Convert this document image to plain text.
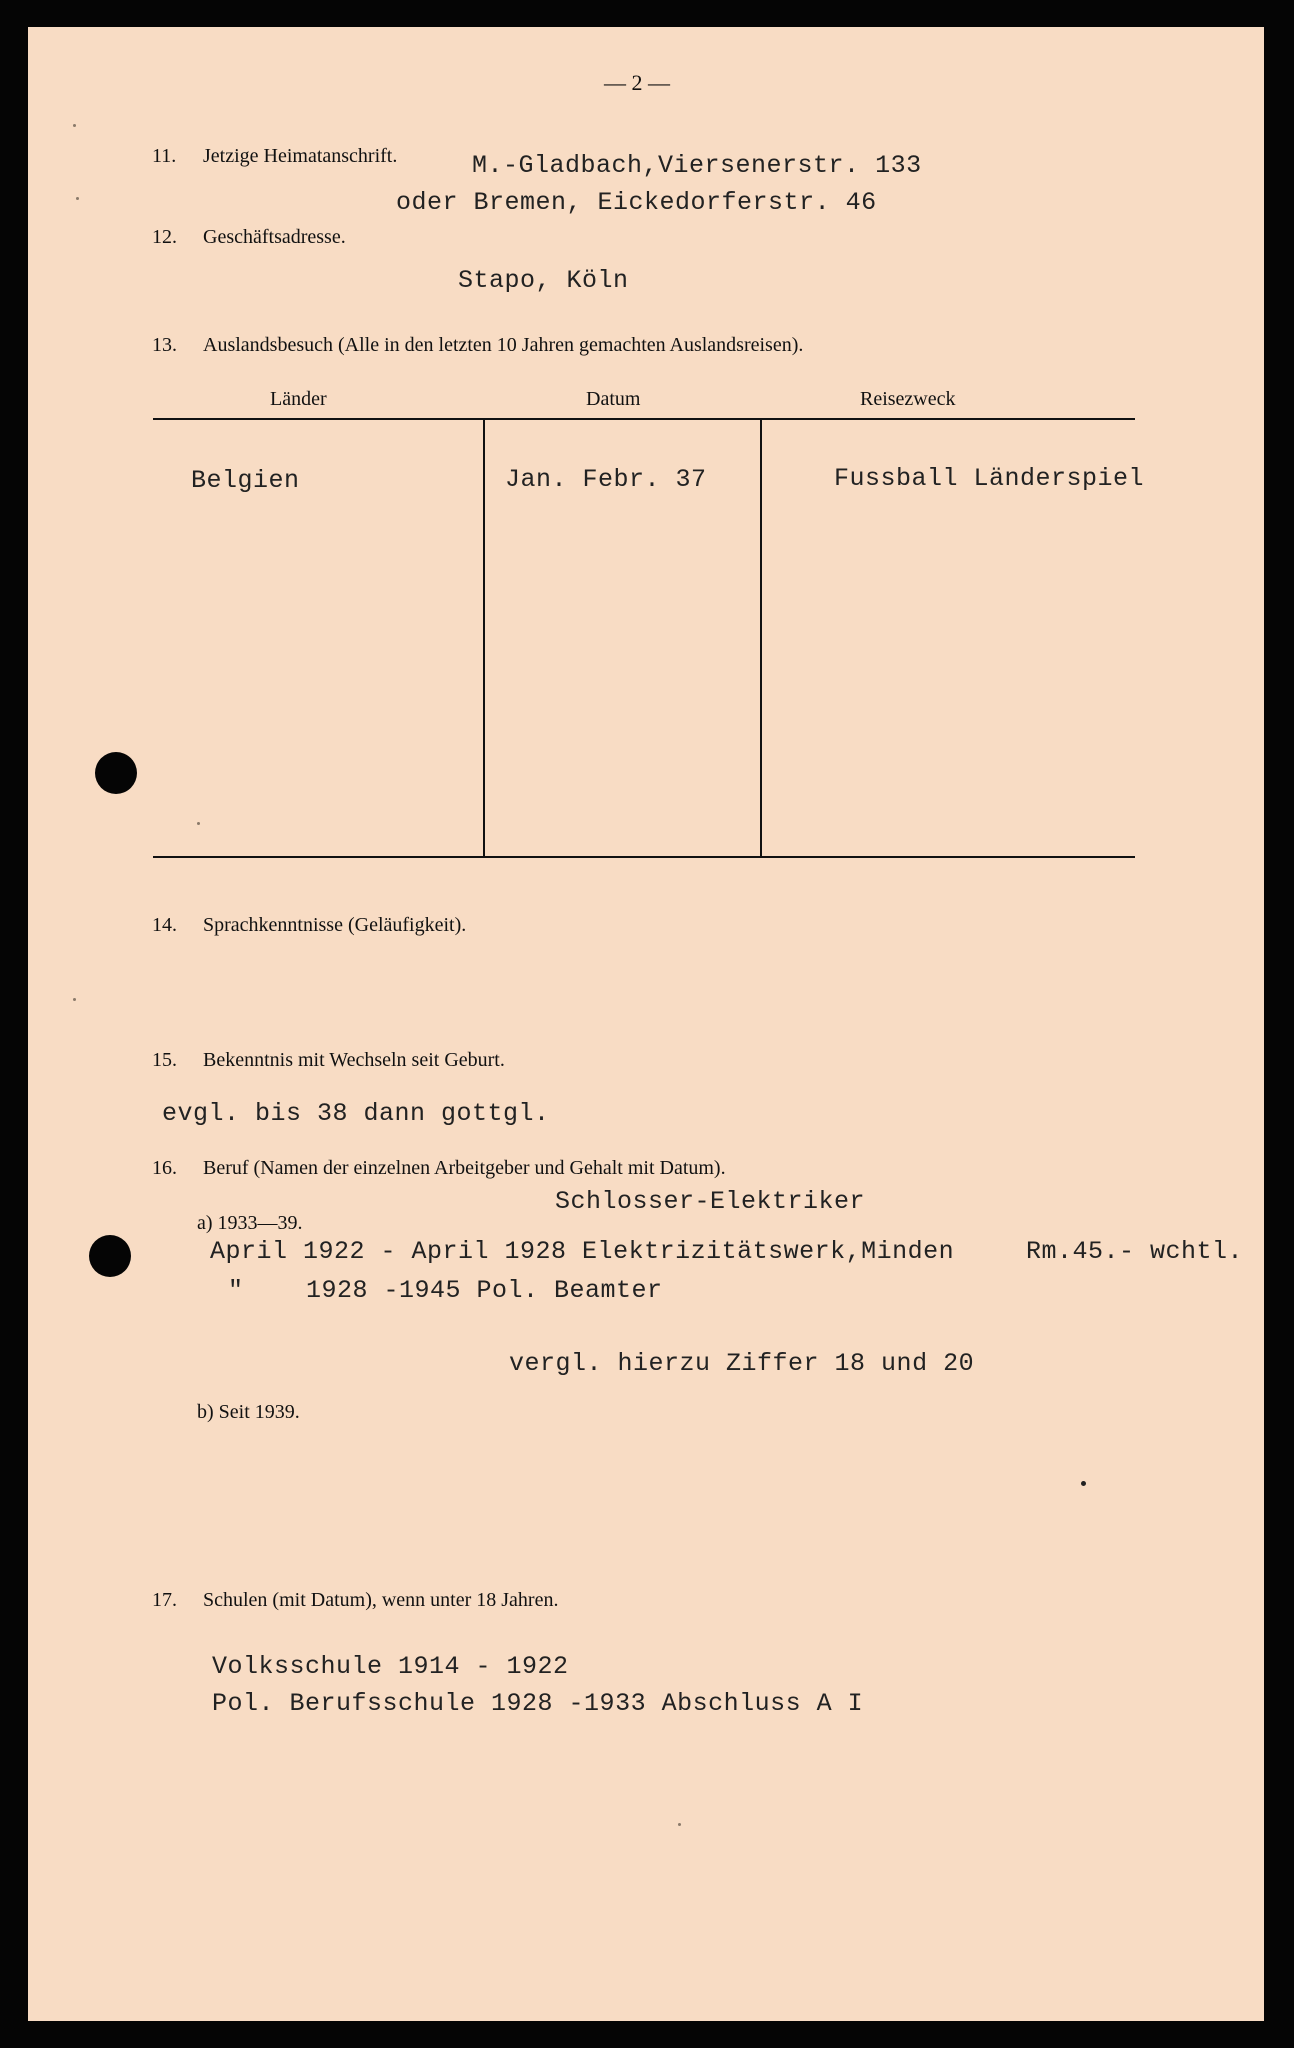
— 2 —
11. Jetzige Heimatanschrift.	M.-Gladbach,Viersenerstr. 133
oder Bremen, Eickedorferstr. 46
12. Geschäftsadresse.
Stapo, Köln
13. Auslandsbesuch (Alle in den letzten 10 Jahren gemachten Auslandsreisen).
Länder	Datum	Reisezweck
Belgien	Jan. Febr. 37	Fussball Länderspiel
14. Sprachkenntnisse (Geläufigkeit).
15. Bekenntnis mit Wechseln seit Geburt.
evgl. bis 38 dann gottgl.
16. Beruf (Namen der einzelnen Arbeitgeber und Gehalt mit Datum).
Schlosser-Elektriker
a) 1933—39.
April 1922 - April 1928 Elektrizitätswerk,Minden	Rm.45.- wchtl.
" 1928 -1945 Pol. Beamter
vergl. hierzu Ziffer 18 und 20
b) Seit 1939.
17. Schulen (mit Datum), wenn unter 18 Jahren.
Volksschule 1914 - 1922
Pol. Berufsschule 1928 -1933 Abschluss A I
